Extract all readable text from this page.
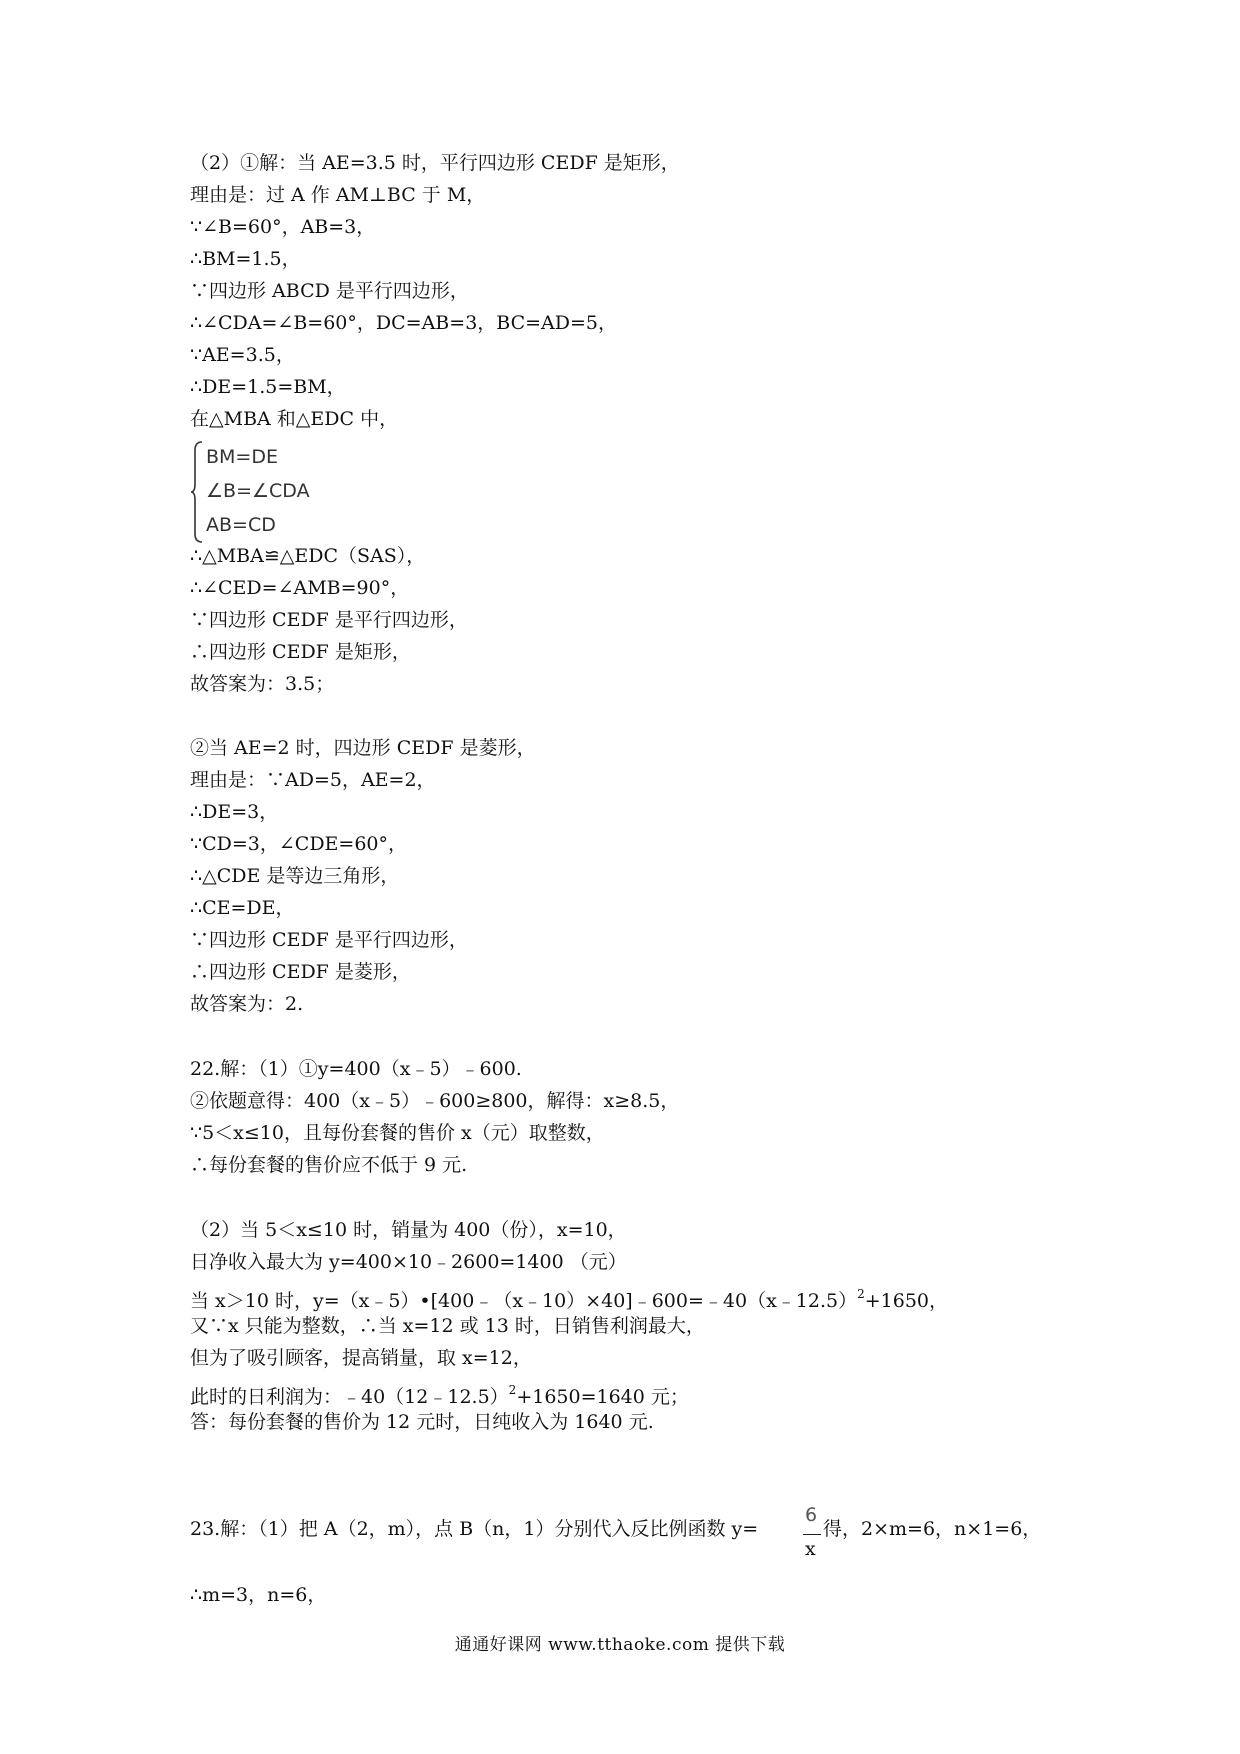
（2）①解：当 AE=3.5 时，平行四边形 CEDF 是矩形，
理由是：过 A 作 AM⊥BC 于 M，
∵∠B=60°，AB=3，
∴BM=1.5，
∵四边形 ABCD 是平行四边形，
∴∠CDA=∠B=60°，DC=AB=3，BC=AD=5，
∵AE=3.5，
∴DE=1.5=BM，
在△MBA 和△EDC 中，
BM=DE
∠B=∠CDA
AB=CD
∴△MBA≌△EDC（SAS），
∴∠CED=∠AMB=90°，
∵四边形 CEDF 是平行四边形，
∴四边形 CEDF 是矩形，
故答案为：3.5；
②当 AE=2 时，四边形 CEDF 是菱形，
理由是：∵AD=5，AE=2，
∴DE=3，
∵CD=3，∠CDE=60°，
∴△CDE 是等边三角形，
∴CE=DE，
∵四边形 CEDF 是平行四边形，
∴四边形 CEDF 是菱形，
故答案为：2.
22.解：（1）①y=400（x﹣5）﹣600.
②依题意得：400（x﹣5）﹣600≥800，解得：x≥8.5，
∵5＜x≤10，且每份套餐的售价 x（元）取整数，
∴每份套餐的售价应不低于 9 元.
（2）当 5＜x≤10 时，销量为 400（份），x=10，
日净收入最大为 y=400×10﹣2600=1400 （元）
当 x＞10 时，y=（x﹣5）•[400﹣（x﹣10）×40]﹣600=﹣40（x﹣12.5）$^2$+1650，
又∵x 只能为整数，∴当 x=12 或 13 时，日销售利润最大，
但为了吸引顾客，提高销量，取 x=12，
此时的日利润为：﹣40（12﹣12.5）$^2$+1650=1640 元；
答：每份套餐的售价为 12 元时，日纯收入为 1640 元.
23.解：（1）把 A（2，m），点 B（n，1）分别代入反比例函数 y=
6
x
得，2×m=6，n×1=6，
∴m=3，n=6，
通通好课网 www.tthaoke.com 提供下载
